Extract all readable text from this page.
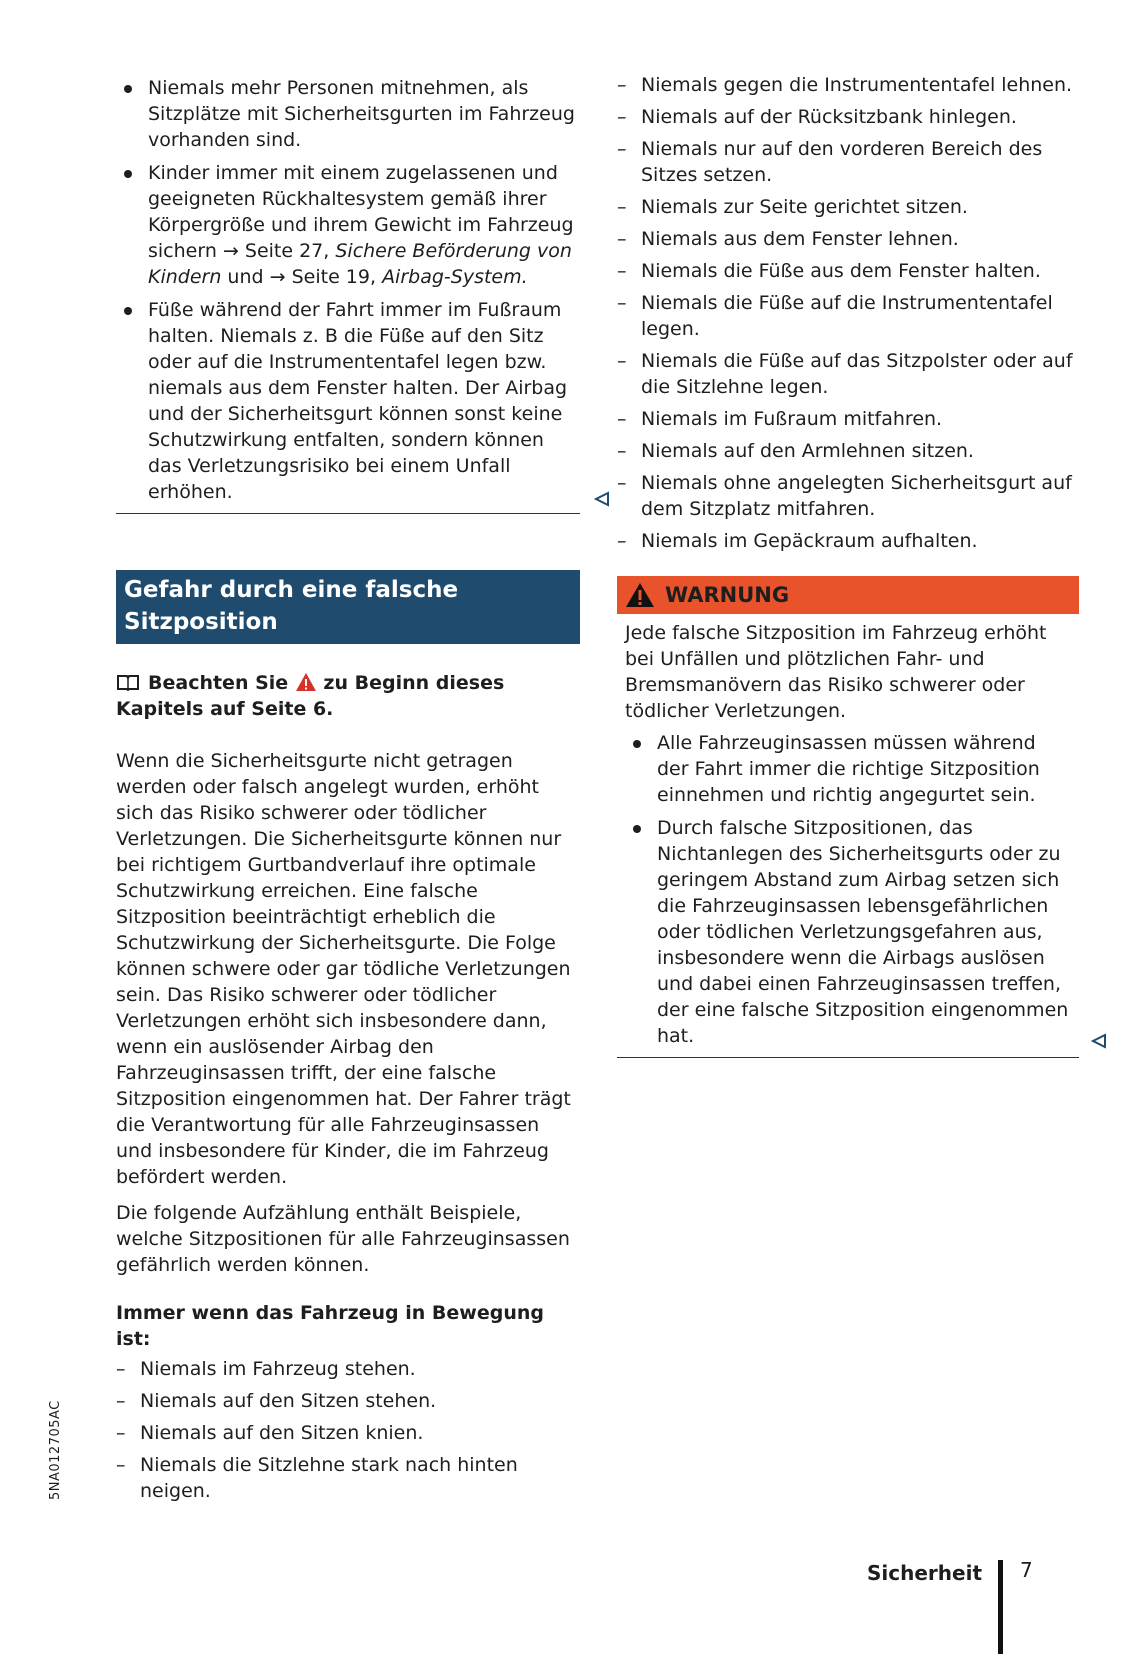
Niemals mehr Personen mitnehmen, als Sitzplätze mit Sicherheitsgurten im Fahrzeug vorhanden sind.
Kinder immer mit einem zugelassenen und geeigneten Rückhaltesystem gemäß ihrer Körpergröße und ihrem Gewicht im Fahrzeug sichern → Seite 27, Sichere Beförderung von Kindern und → Seite 19, Airbag-System.
Füße während der Fahrt immer im Fußraum halten. Niemals z. B die Füße auf den Sitz oder auf die Instrumententafel legen bzw. niemals aus dem Fenster halten. Der Airbag und der Sicherheitsgurt können sonst keine Schutzwirkung entfalten, sondern können das Verletzungsrisiko bei einem Unfall erhöhen.
Gefahr durch eine falsche Sitzposition
Beachten Sie zu Beginn dieses Kapitels auf Seite 6.

Wenn die Sicherheitsgurte nicht getragen werden oder falsch angelegt wurden, erhöht sich das Risiko schwerer oder tödlicher Verletzungen. Die Sicherheitsgurte können nur bei richtigem Gurtbandverlauf ihre optimale Schutzwirkung erreichen. Eine falsche Sitzposition beeinträchtigt erheblich die Schutzwirkung der Sicherheitsgurte. Die Folge können schwere oder gar tödliche Verletzungen sein. Das Risiko schwerer oder tödlicher Verletzungen erhöht sich insbesondere dann, wenn ein auslösender Airbag den Fahrzeuginsassen trifft, der eine falsche Sitzposition eingenommen hat. Der Fahrer trägt die Verantwortung für alle Fahrzeuginsassen und insbesondere für Kinder, die im Fahrzeug befördert werden.

Die folgende Aufzählung enthält Beispiele, welche Sitzpositionen für alle Fahrzeuginsassen gefährlich werden können.

Immer wenn das Fahrzeug in Bewegung ist:
– Niemals im Fahrzeug stehen.
– Niemals auf den Sitzen stehen.
– Niemals auf den Sitzen knien.
– Niemals die Sitzlehne stark nach hinten neigen.
– Niemals gegen die Instrumententafel lehnen.
– Niemals auf der Rücksitzbank hinlegen.
– Niemals nur auf den vorderen Bereich des Sitzes setzen.
– Niemals zur Seite gerichtet sitzen.
– Niemals aus dem Fenster lehnen.
– Niemals die Füße aus dem Fenster halten.
– Niemals die Füße auf die Instrumententafel legen.
– Niemals die Füße auf das Sitzpolster oder auf die Sitzlehne legen.
– Niemals im Fußraum mitfahren.
– Niemals auf den Armlehnen sitzen.
– Niemals ohne angelegten Sicherheitsgurt auf dem Sitzplatz mitfahren.
– Niemals im Gepäckraum aufhalten.
WARNUNG
Jede falsche Sitzposition im Fahrzeug erhöht bei Unfällen und plötzlichen Fahr- und Bremsmanövern das Risiko schwerer oder tödlicher Verletzungen.
Alle Fahrzeuginsassen müssen während der Fahrt immer die richtige Sitzposition einnehmen und richtig angegurtet sein.
Durch falsche Sitzpositionen, das Nichtanlegen des Sicherheitsgurts oder zu geringem Abstand zum Airbag setzen sich die Fahrzeuginsassen lebensgefährlichen oder tödlichen Verletzungsgefahren aus, insbesondere wenn die Airbags auslösen und dabei einen Fahrzeuginsassen treffen, der eine falsche Sitzposition eingenommen hat.
5NA012705AC
Sicherheit 7
